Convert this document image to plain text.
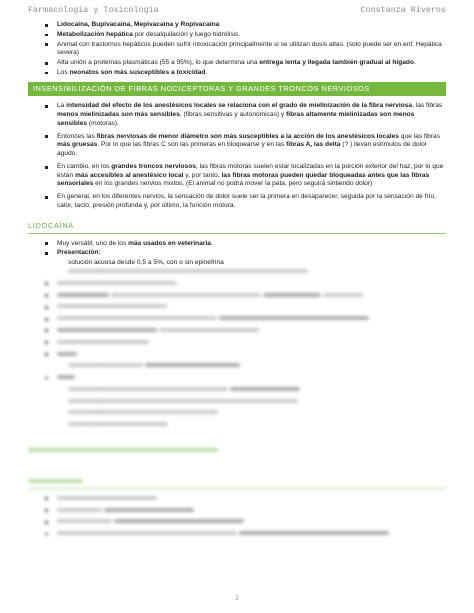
Farmacología y Toxicología	Constanza Riveros
Lidocaína, Bupivacaína, Mepivacaína y Ropivacaína
Metabolización hepática por desalquilación y luego hidrólisis.
Animal con trastornos hepáticos pueden sufrir intoxicación principalmente si se utilizan dosis altas. (solo puede ser en enf. Hepática severa)
Alta unión a proteínas plasmáticas (55 a 95%), lo que determina una entrega lenta y llegada también gradual al hígado.
Los neonatos son más susceptibles a toxicidad.
INSENSIBILIZACIÓN DE FIBRAS NOCICEPTORAS Y GRANDES TRONCOS NERVIOSOS
La intensidad del efecto de los anestésicos locales se relaciona con el grado de mielinización de la fibra nerviosa, las fibras menos mielinizadas son más sensibles, (fibras sensitivas y autonómicas) y fibras altamente mielinizadas son menos sensibles (motoras).
Entonces las fibras nerviosas de menor diámetro son más susceptibles a la acción de los anestésicos locales que las fibras más gruesas. Por lo que las fibras C son las primeras en bloquearse y en las fibras A, las delta (? ) llevan estímulos de dolor agudo.
En cambio, en los grandes troncos nerviosos, las fibras motoras suelen estar localizadas en la porción exterior del haz, por lo que están más accesibles al anestésico local y, por tanto, las fibras motoras pueden quedar bloqueadas antes que las fibras sensoriales en los grandes nervios mixtos. (El animal no podrá mover la pata, pero seguirá sintiendo dolor)
En general, en los diferentes nervios, la sensación de dolor suele ser la primera en desaparecer, seguida por la sensación de frío, calor, tacto, presión profunda y, por último, la función motora.
LIDOCAÍNA
Muy versátil, uno de los más usados en veterinaria.
Presentación:
- solución acuosa desde 0,5 a 5%, con o sin epinefrina
-

-
-
-
-
-

2
